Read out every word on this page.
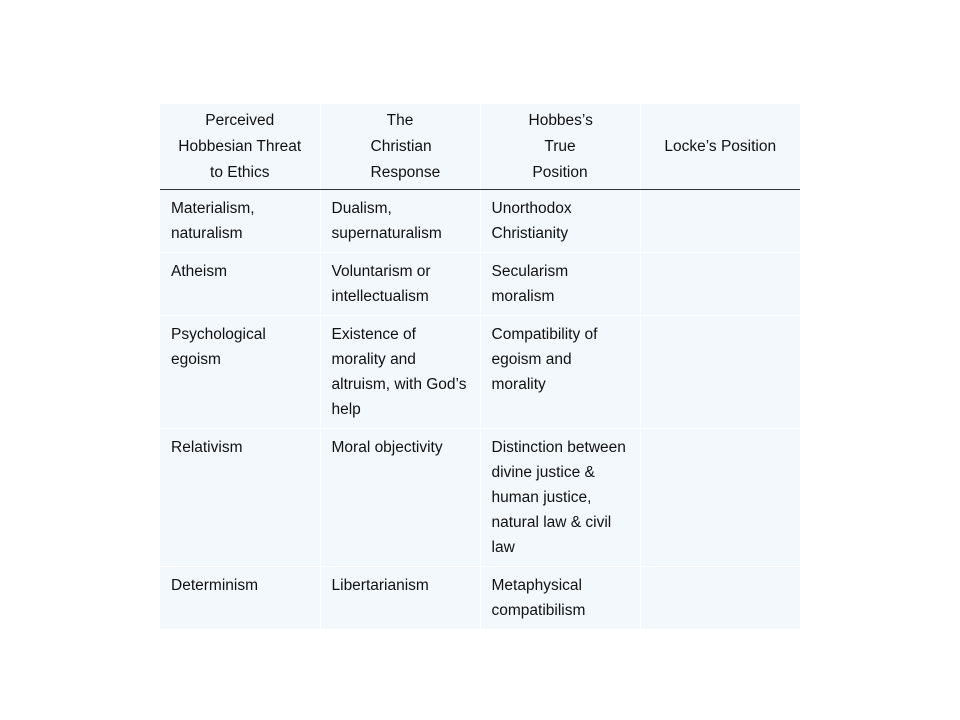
Perceived Hobbesian Threat to Ethics	The Christian Response	Hobbes’s True Position	Locke’s Position
Materialism, naturalism	Dualism, supernaturalism	Unorthodox Christianity	
Atheism	Voluntarism or intellectualism	Secularism moralism	
Psychological egoism	Existence of morality and altruism, with God’s help	Compatibility of egoism and morality	
Relativism	Moral objectivity	Distinction between divine justice & human justice, natural law & civil law	
Determinism	Libertarianism	Metaphysical compatibilism	
